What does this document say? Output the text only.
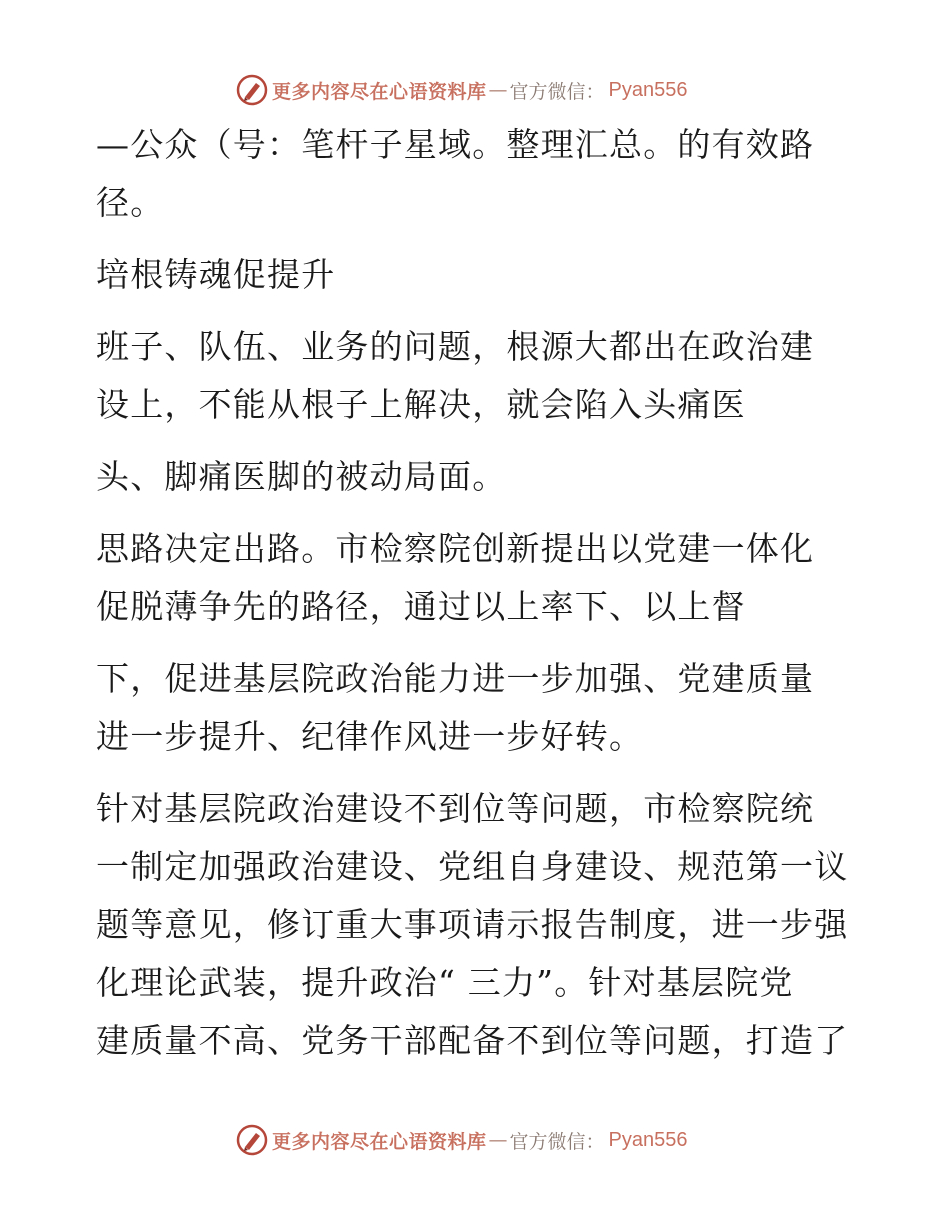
更多内容尽在心语资料库 — 官方微信： Pyan556
—公众（号：笔杆子星域。整理汇总。的有效路
径。
培根铸魂促提升
班子、队伍、业务的问题，根源大都出在政治建
设上，不能从根子上解决，就会陷入头痛医
头、脚痛医脚的被动局面。
思路决定出路。市检察院创新提出以党建一体化
促脱薄争先的路径，通过以上率下、以上督
下，促进基层院政治能力进一步加强、党建质量
进一步提升、纪律作风进一步好转。
针对基层院政治建设不到位等问题，市检察院统
一制定加强政治建设、党组自身建设、规范第一议
题等意见，修订重大事项请示报告制度，进一步强
化理论武装，提升政治“ 三力”。针对基层院党
建质量不高、党务干部配备不到位等问题，打造了
更多内容尽在心语资料库 — 官方微信： Pyan556
